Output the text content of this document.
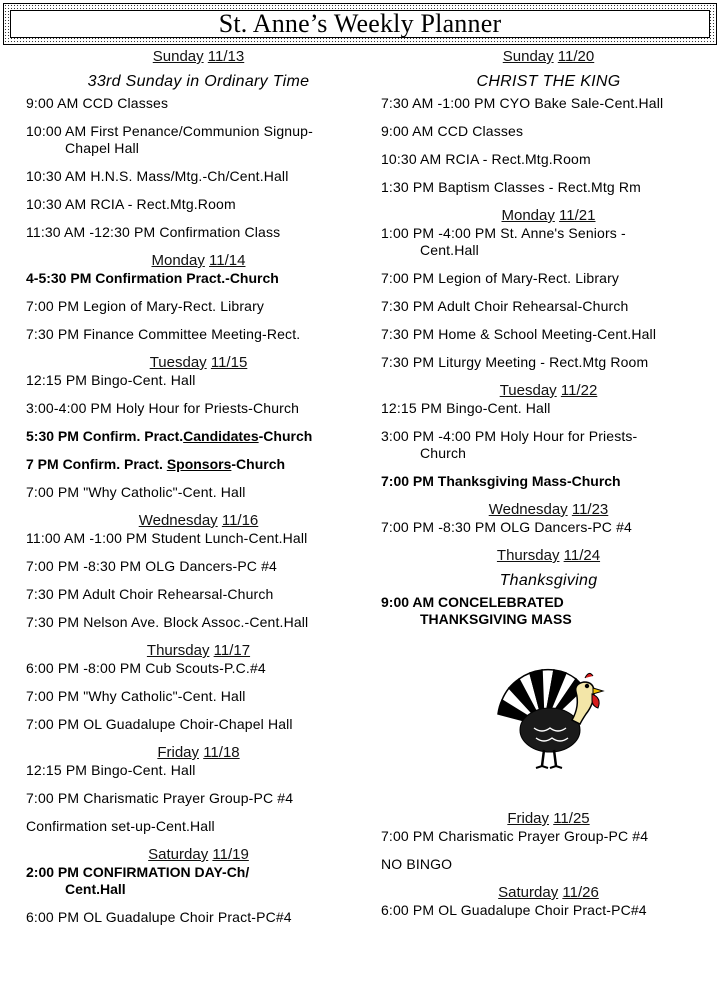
St. Anne’s Weekly Planner
Sunday 11/13
33rd Sunday in Ordinary Time
9:00 AM CCD Classes
10:00 AM First Penance/Communion Signup-
Chapel Hall
10:30 AM H.N.S. Mass/Mtg.-Ch/Cent.Hall
10:30 AM RCIA - Rect.Mtg.Room
11:30 AM -12:30 PM Confirmation Class
Monday 11/14
4-5:30 PM Confirmation Pract.-Church
7:00 PM Legion of Mary-Rect. Library
7:30 PM Finance Committee Meeting-Rect.
Tuesday 11/15
12:15 PM Bingo-Cent. Hall
3:00-4:00 PM Holy Hour for Priests-Church
5:30 PM Confirm. Pract.Candidates-Church
7 PM Confirm. Pract. Sponsors-Church
7:00 PM "Why Catholic"-Cent. Hall
Wednesday 11/16
11:00 AM -1:00 PM Student Lunch-Cent.Hall
7:00 PM -8:30 PM OLG Dancers-PC #4
7:30 PM Adult Choir Rehearsal-Church
7:30 PM Nelson Ave. Block Assoc.-Cent.Hall
Thursday 11/17
6:00 PM -8:00 PM Cub Scouts-P.C.#4
7:00 PM "Why Catholic"-Cent. Hall
7:00 PM OL Guadalupe Choir-Chapel Hall
Friday 11/18
12:15 PM Bingo-Cent. Hall
7:00 PM Charismatic Prayer Group-PC #4
Confirmation set-up-Cent.Hall
Saturday 11/19
2:00 PM CONFIRMATION DAY-Ch/
Cent.Hall
6:00 PM OL Guadalupe Choir Pract-PC#4
Sunday 11/20
CHRIST THE KING
7:30 AM -1:00 PM CYO Bake Sale-Cent.Hall
9:00 AM CCD Classes
10:30 AM RCIA - Rect.Mtg.Room
1:30 PM Baptism Classes - Rect.Mtg Rm
Monday 11/21
1:00 PM -4:00 PM St. Anne's Seniors -
Cent.Hall
7:00 PM Legion of Mary-Rect. Library
7:30 PM Adult Choir Rehearsal-Church
7:30 PM Home & School Meeting-Cent.Hall
7:30 PM Liturgy Meeting - Rect.Mtg Room
Tuesday 11/22
12:15 PM Bingo-Cent. Hall
3:00 PM -4:00 PM Holy Hour for Priests-
Church
7:00 PM Thanksgiving Mass-Church
Wednesday 11/23
7:00 PM -8:30 PM OLG Dancers-PC #4
Thursday 11/24
Thanksgiving
9:00 AM CONCELEBRATED
THANKSGIVING MASS
Friday 11/25
7:00 PM Charismatic Prayer Group-PC #4
NO BINGO
Saturday 11/26
6:00 PM OL Guadalupe Choir Pract-PC#4
